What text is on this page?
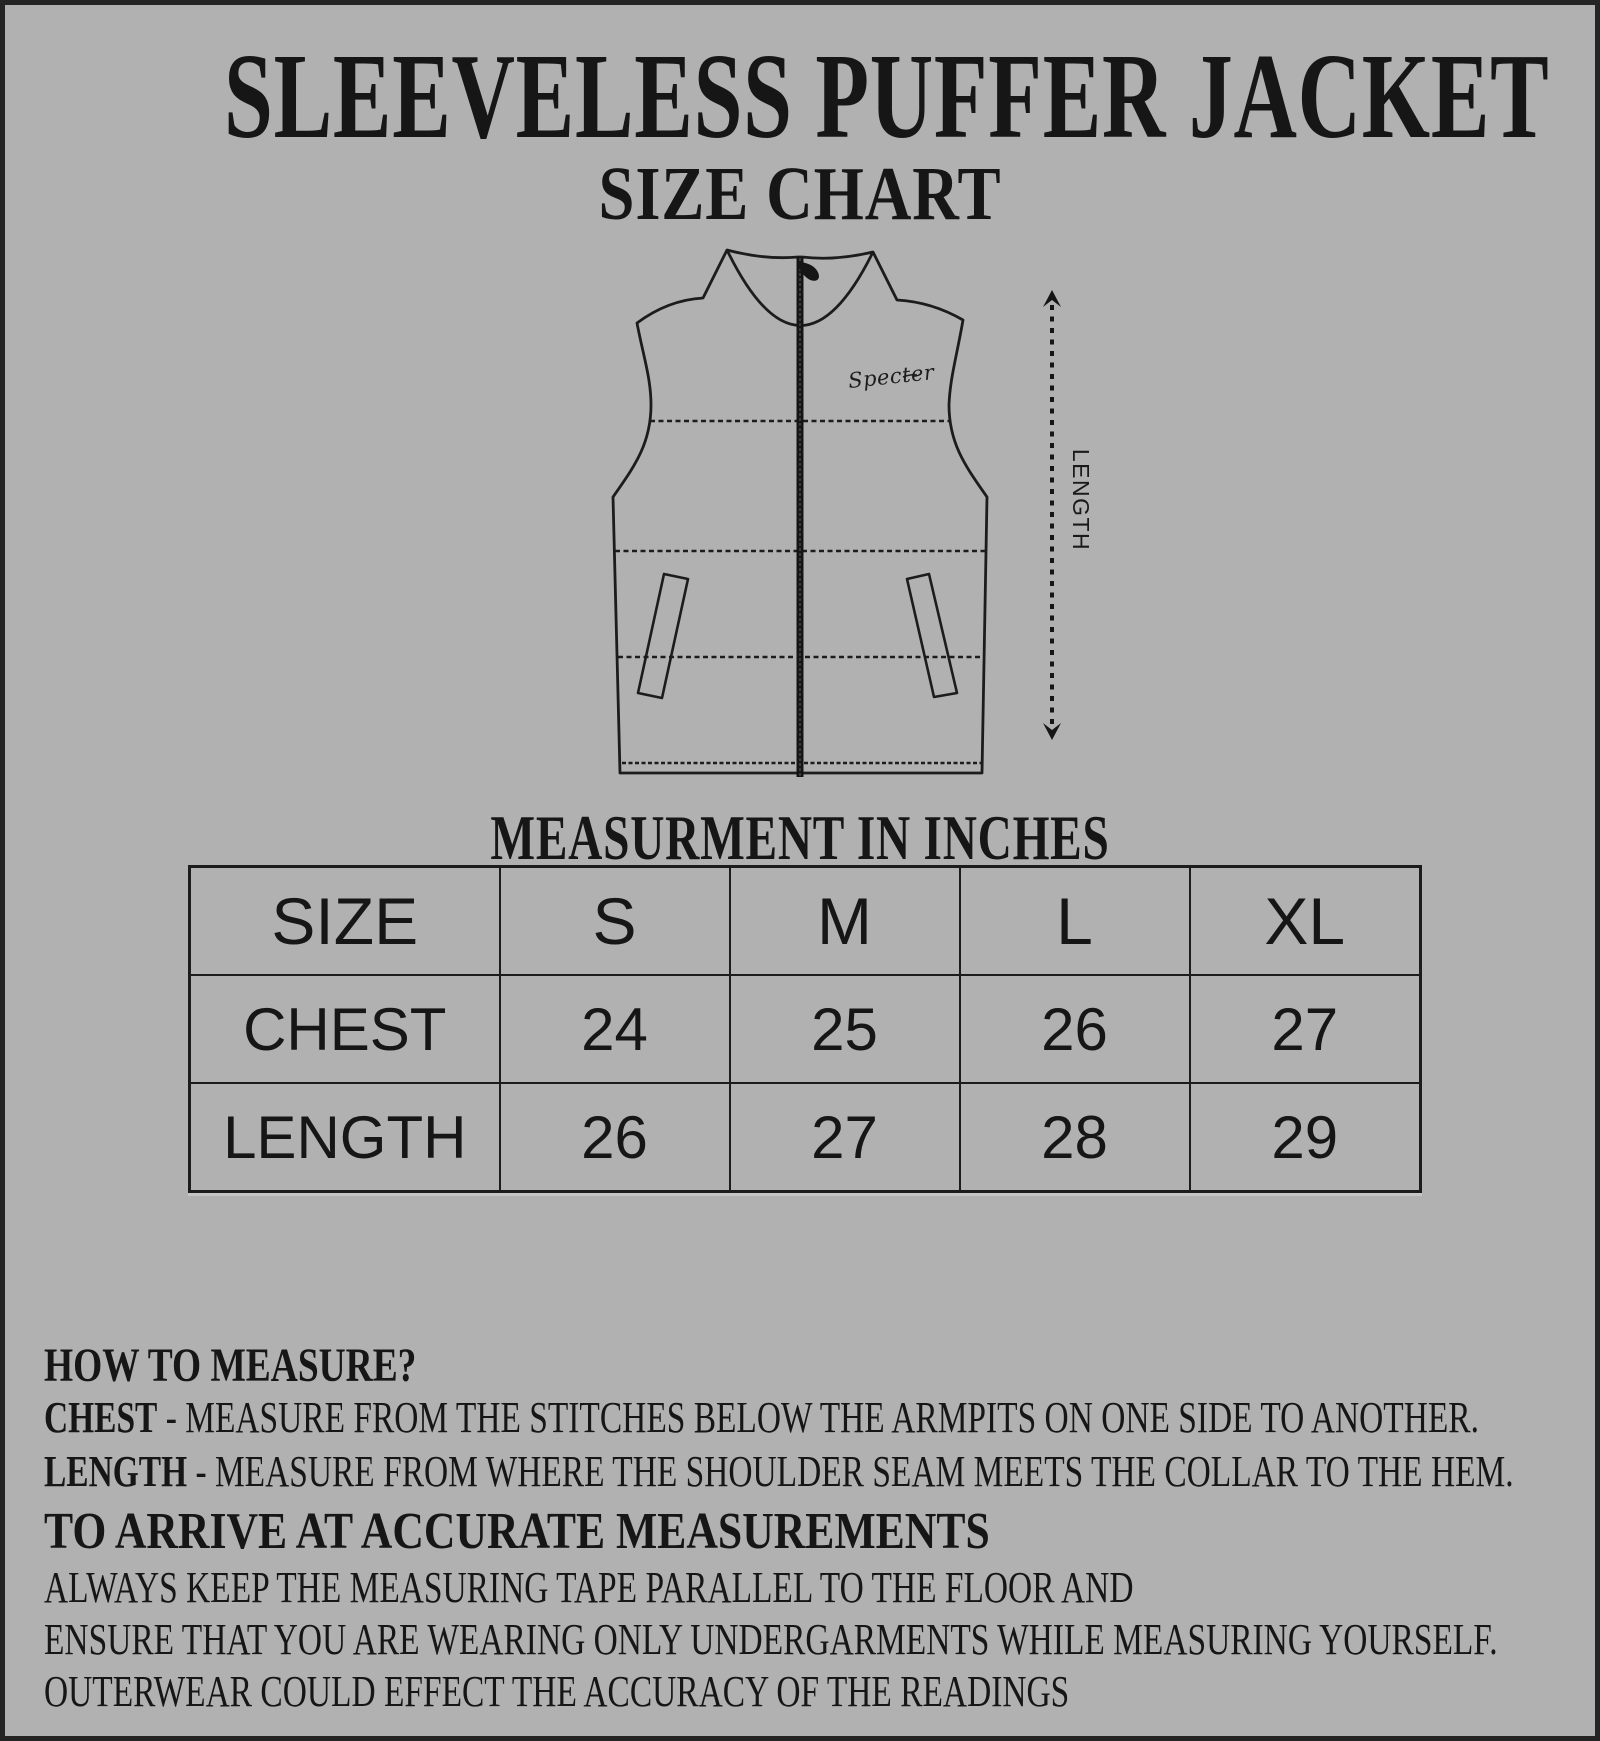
SLEEVELESS PUFFER JACKET
SIZE CHART
Specter
LENGTH
MEASURMENT IN INCHES
SIZE	S	M	L	XL
CHEST	24	25	26	27
LENGTH	26	27	28	29
HOW TO MEASURE?
CHEST - MEASURE FROM THE STITCHES BELOW THE ARMPITS ON ONE SIDE TO ANOTHER.
LENGTH - MEASURE FROM WHERE THE SHOULDER SEAM MEETS THE COLLAR TO THE HEM.
TO ARRIVE AT ACCURATE MEASUREMENTS
ALWAYS KEEP THE MEASURING TAPE PARALLEL TO THE FLOOR AND
ENSURE THAT YOU ARE WEARING ONLY UNDERGARMENTS WHILE MEASURING YOURSELF.
OUTERWEAR COULD EFFECT THE ACCURACY OF THE READINGS
